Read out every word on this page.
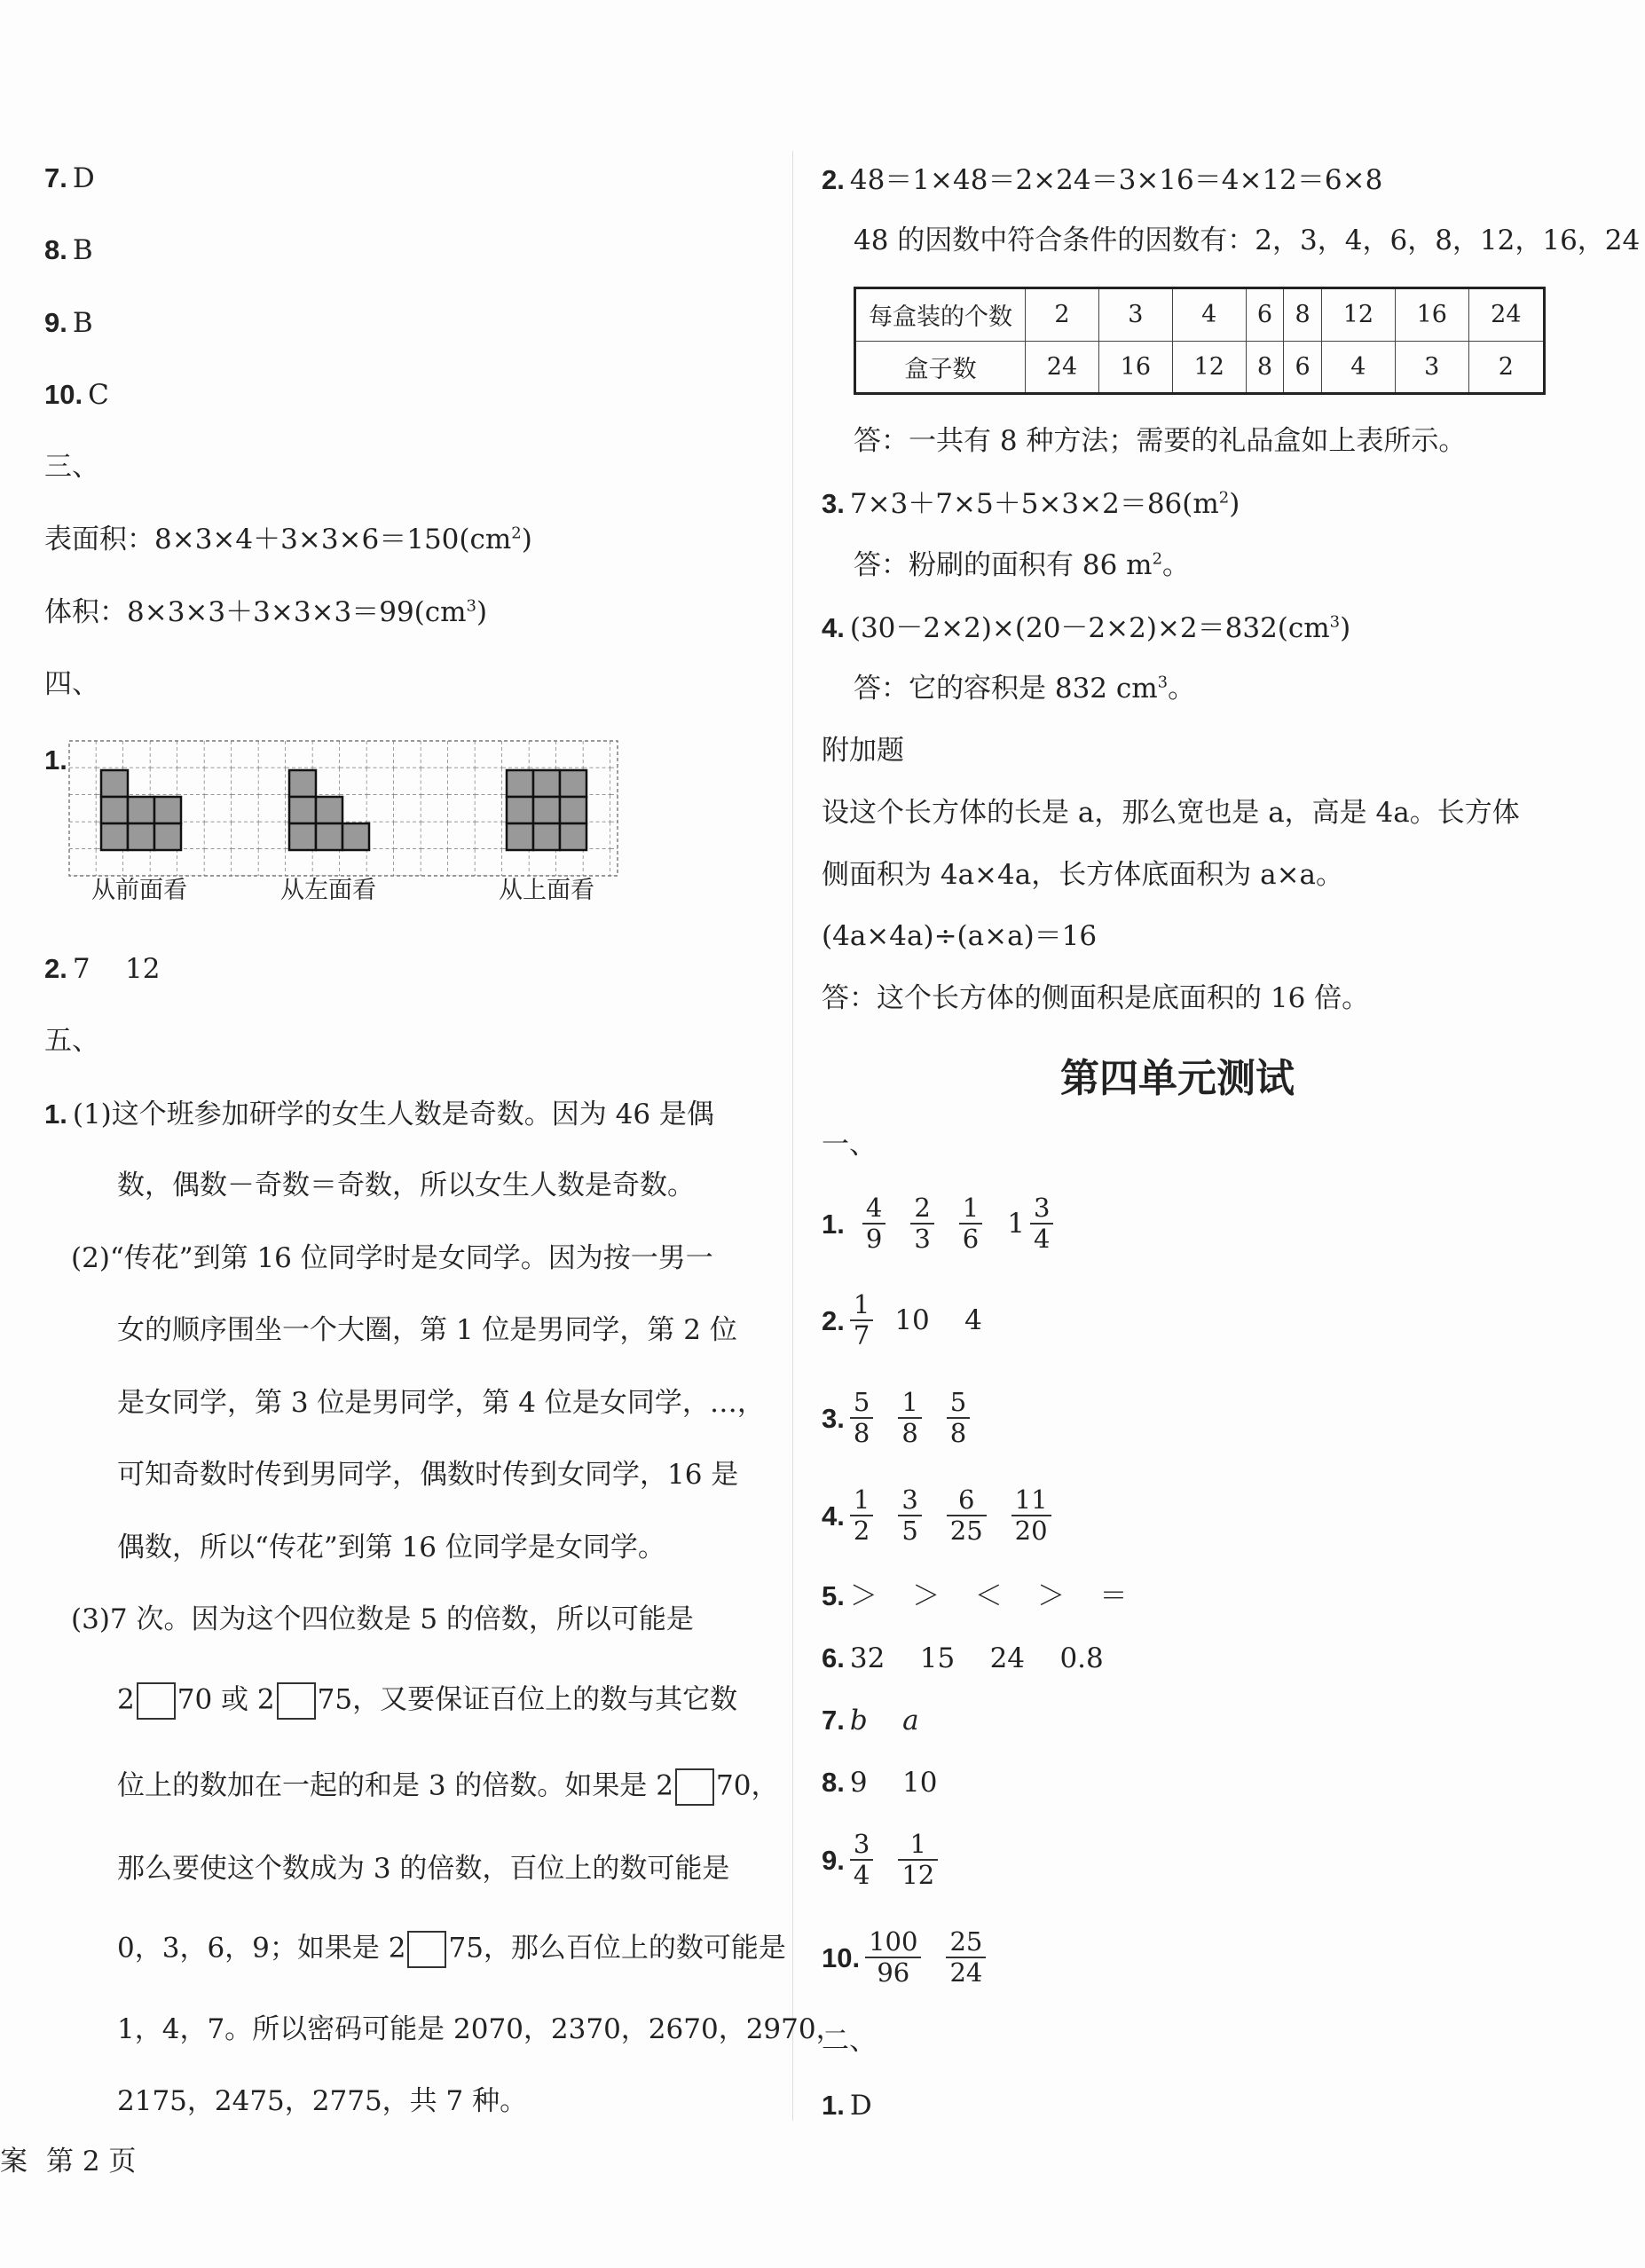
7. D
8. B
9. B
10. C
三、
表面积：$8\times 3\times 4+3\times 3\times 6=150(cm^2)$
体积：$8\times 3\times 3+3\times 3\times 3=99(cm^3)$
四、
1.
从前面看	从左面看	从上面看
2. 7    12
五、
1. (1)这个班参加研学的女生人数是奇数。因为 46 是偶
数，偶数－奇数＝奇数，所以女生人数是奇数。
(2)“传花”到第 16 位同学时是女同学。因为按一男一
女的顺序围坐一个大圈，第 1 位是男同学，第 2 位
是女同学，第 3 位是男同学，第 4 位是女同学，…，
可知奇数时传到男同学，偶数时传到女同学，16 是
偶数，所以“传花”到第 16 位同学是女同学。
(3)7 次。因为这个四位数是 5 的倍数，所以可能是
2 70 或 2 75，又要保证百位上的数与其它数
位上的数加在一起的和是 3 的倍数。如果是 2 70，
那么要使这个数成为 3 的倍数，百位上的数可能是
0，3，6，9；如果是 2 75，那么百位上的数可能是
1，4，7。所以密码可能是 2070，2370，2670，2970，
2175，2475，2775，共 7 种。
2. 48＝1×48＝2×24＝3×16＝4×12＝6×8
48 的因数中符合条件的因数有：2，3，4，6，8，12，16，24
每盒装的个数	2	3	4	6	8	12	16	24
盒子数	24	16	12	8	6	4	3	2
答：一共有 8 种方法；需要的礼品盒如上表所示。
3. $7\times 3+7\times 5+5\times 3\times 2=86(m^2)$
答：粉刷的面积有 86 $m^2$。
4. $(30-2\times 2)\times(20-2\times 2)\times 2=832(cm^3)$
答：它的容积是 832 $cm^3$。
附加题
设这个长方体的长是 a，那么宽也是 a，高是 4a。长方体
侧面积为 4a×4a，长方体底面积为 a×a。
(4a×4a)÷(a×a)＝16
答：这个长方体的侧面积是底面积的 16 倍。
第四单元测试
一、
1. $\frac{4}{9} \frac{2}{3} \frac{1}{6} 1 \frac{3}{4}$
2. $\frac{1}{7} 10$    4
3. $\frac{5}{8} \frac{1}{8} \frac{5}{8}$
4. $\frac{1}{2} \frac{3}{5} \frac{6}{25} \frac{11}{20}$
5. ＞    ＞    ＜    ＞    ＝
6. 32    15    24    0.8
7. b    a
8. 9    10
9. $\frac{3}{4} \frac{1}{12}$
10. $\frac{100}{96} \frac{25}{24}$
二、
1. D
案 第 2 页
